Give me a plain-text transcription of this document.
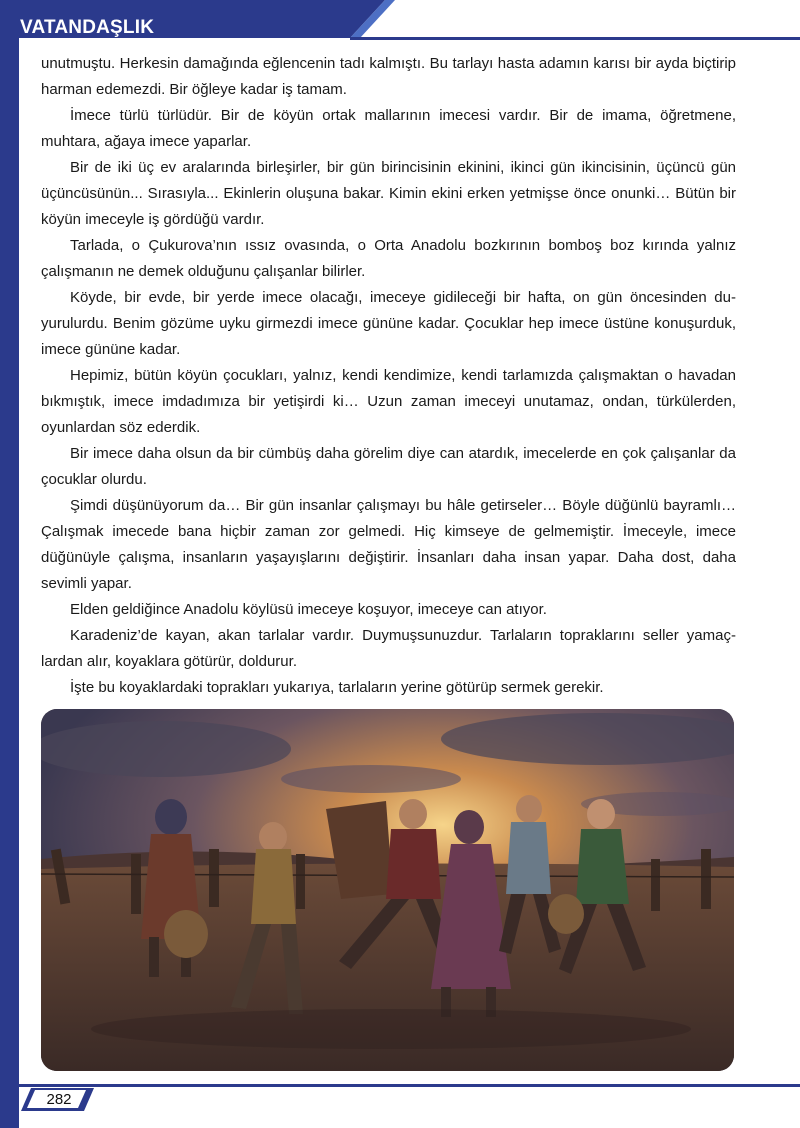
VATANDAŞLIK

unutmuştu. Herkesin damağında eğlencenin tadı kalmıştı. Bu tarlayı hasta adamın karısı bir ayda biçtirip harman edemezdi. Bir öğleye kadar iş tamam.

İmece türlü türlüdür. Bir de köyün ortak mallarının imecesi vardır. Bir de imama, öğretmene, muhtara, ağaya imece yaparlar.

Bir de iki üç ev aralarında birleşirler, bir gün birincisinin ekinini, ikinci gün ikincisinin, üçüncü gün üçüncüsünün... Sırasıyla... Ekinlerin oluşuna bakar. Kimin ekini erken yetmişse önce onunki… Bütün bir köyün imeceyle iş gördüğü vardır.

Tarlada, o Çukurova’nın ıssız ovasında, o Orta Anadolu bozkırının bomboş boz kırında yalnız çalışmanın ne demek olduğunu çalışanlar bilirler.

Köyde, bir evde, bir yerde imece olacağı, imeceye gidileceği bir hafta, on gün öncesinden duyurulurdu. Benim gözüme uyku girmezdi imece gününe kadar. Çocuklar hep imece üstüne konuşurduk, imece gününe kadar.

Hepimiz, bütün köyün çocukları, yalnız, kendi kendimize, kendi tarlamızda çalışmaktan o havadan bıkmıştık, imece imdadımıza bir yetişirdi ki… Uzun zaman imeceyi unutamaz, ondan, türkülerden, oyunlardan söz ederdik.

Bir imece daha olsun da bir cümbüş daha görelim diye can atardık, imecelerde en çok çalışanlar da çocuklar olurdu.

Şimdi düşünüyorum da… Bir gün insanlar çalışmayı bu hâle getirseler… Böyle düğünlü bayramlı… Çalışmak imecede bana hiçbir zaman zor gelmedi. Hiç kimseye de gelmemiştir. İmeceyle, imece düğünüyle çalışma, insanların yaşayışlarını değiştirir. İnsanları daha insan yapar. Daha dost, daha sevimli yapar.

Elden geldiğince Anadolu köylüsü imeceye koşuyor, imeceye can atıyor.

Karadeniz’de kayan, akan tarlalar vardır. Duymuşsunuzdur. Tarlaların topraklarını seller yamaçlardan alır, koyaklara götürür, doldurur.

İşte bu koyaklardaki toprakları yukarıya, tarlaların yerine götürüp sermek gerekir.

282
